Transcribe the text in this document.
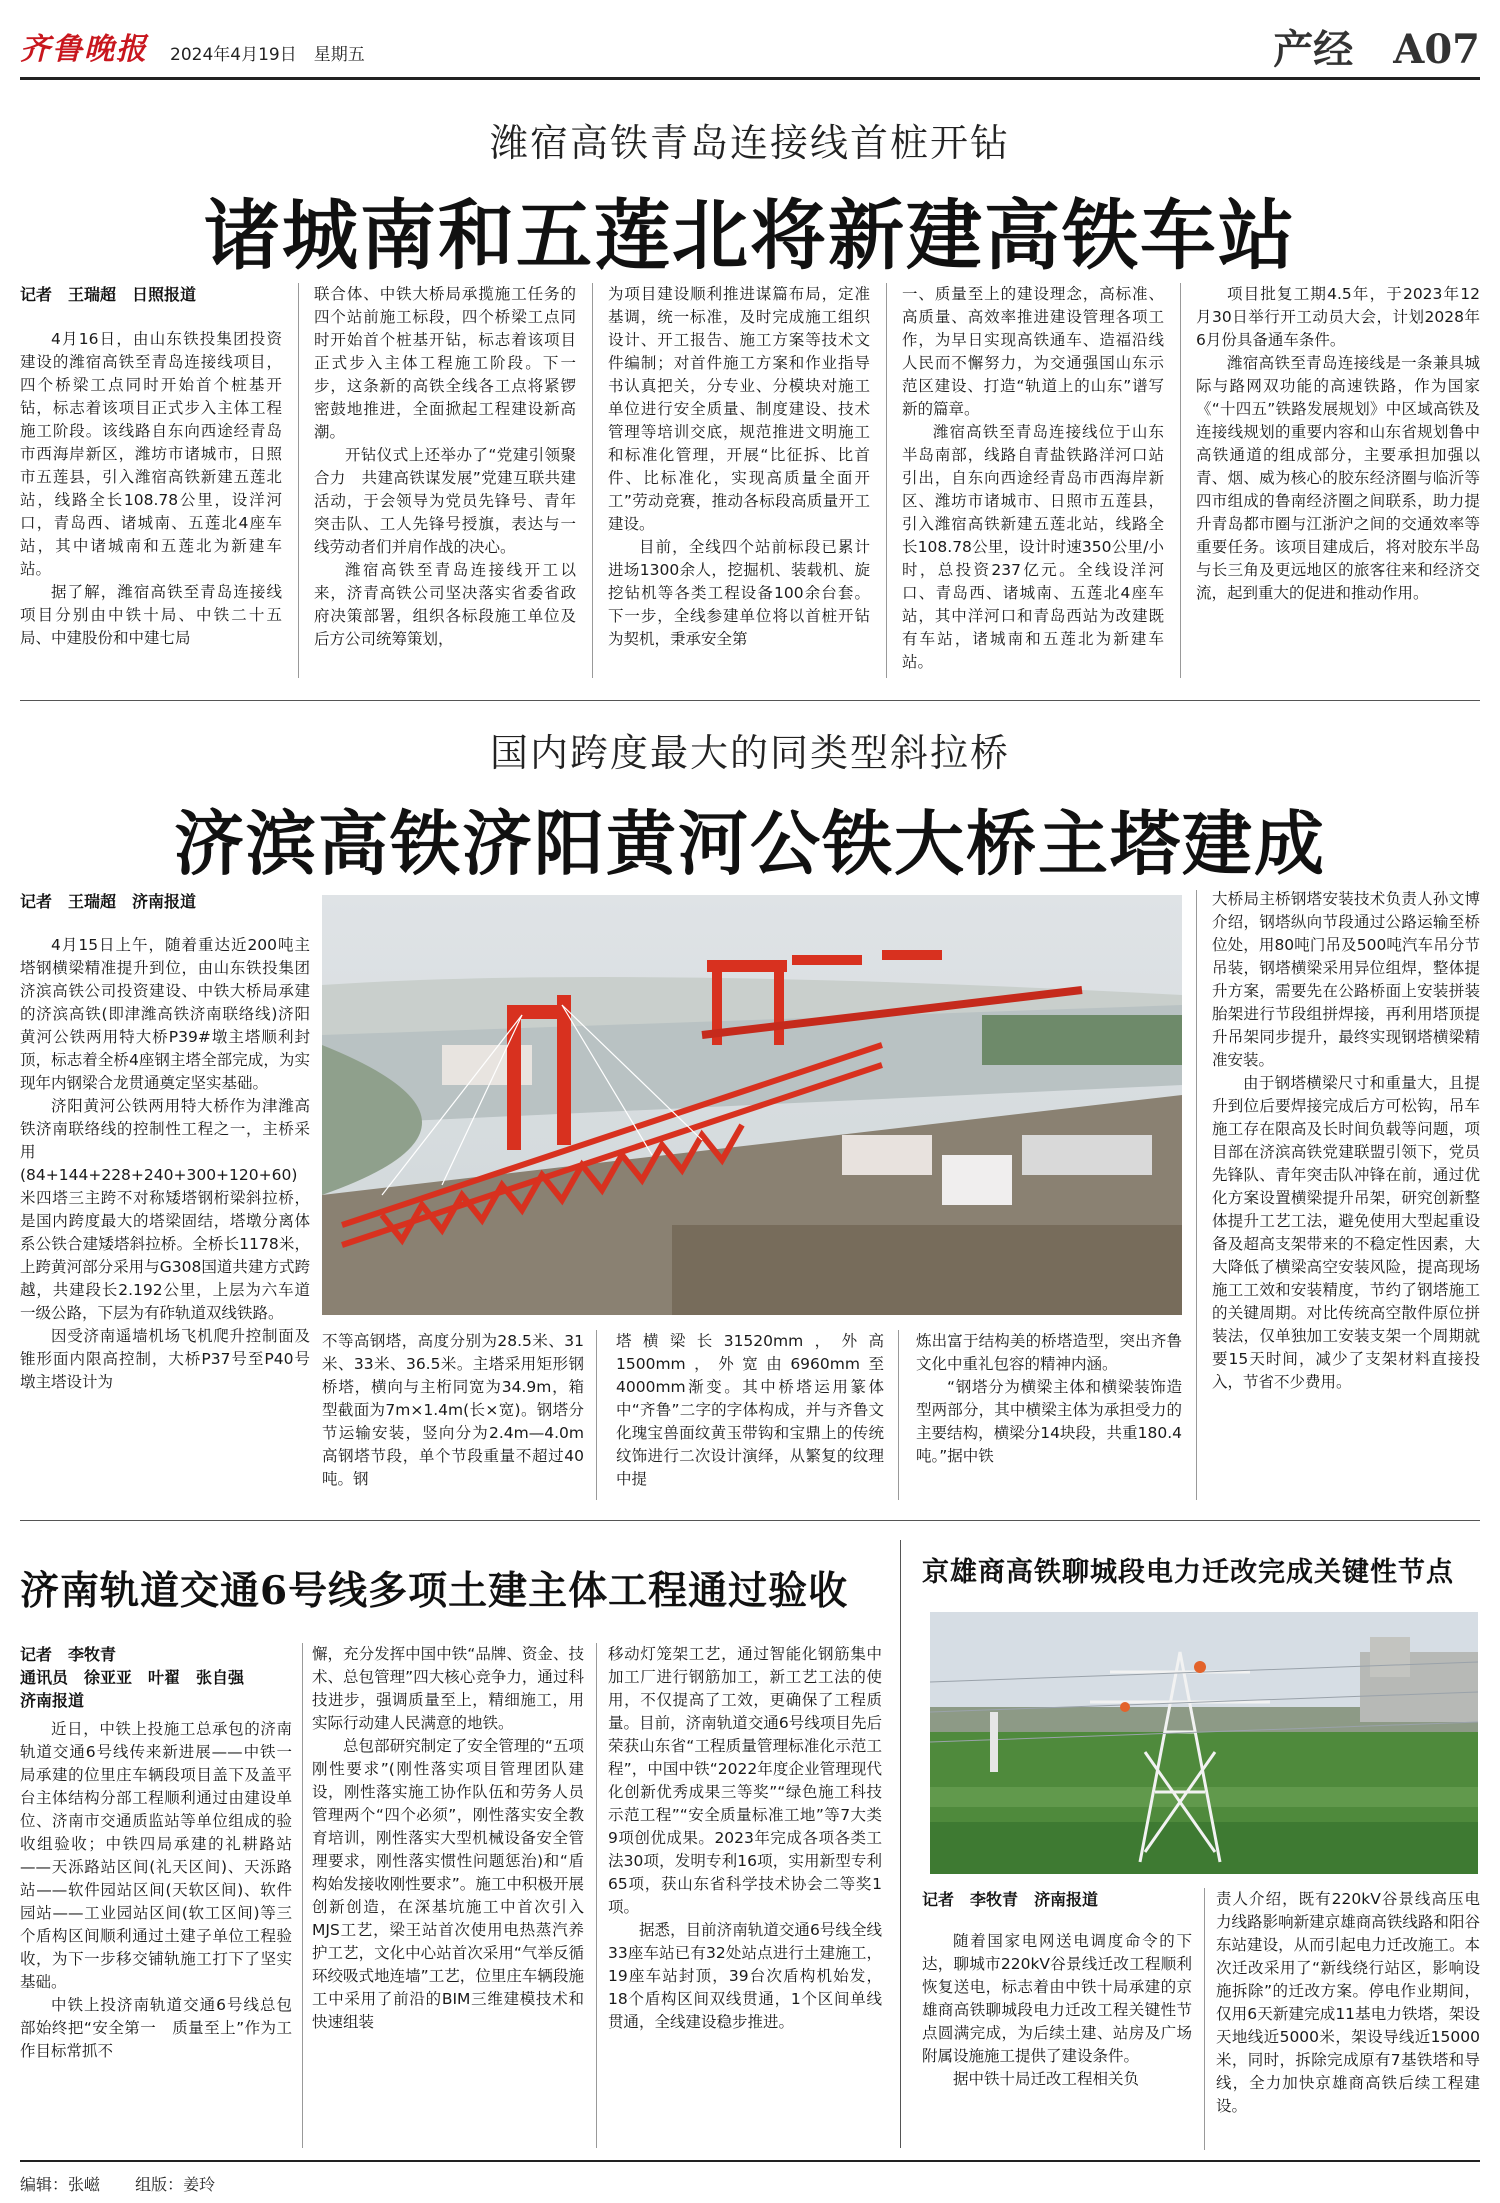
齐鲁晚报 2024年4月19日　星期五	产经　A07
潍宿高铁青岛连接线首桩开钻
诸城南和五莲北将新建高铁车站
记者　王瑞超　日照报道

4月16日，由山东铁投集团投资建设的潍宿高铁至青岛连接线项目，四个桥梁工点同时开始首个桩基开钻，标志着该项目正式步入主体工程施工阶段。该线路自东向西途经青岛市西海岸新区，潍坊市诸城市，日照市五莲县，引入潍宿高铁新建五莲北站，线路全长108.78公里，设洋河口，青岛西、诸城南、五莲北4座车站，其中诸城南和五莲北为新建车站。

据了解，潍宿高铁至青岛连接线项目分别由中铁十局、中铁二十五局、中建股份和中建七局

联合体、中铁大桥局承揽施工任务的四个站前施工标段，四个桥梁工点同时开始首个桩基开钻，标志着该项目正式步入主体工程施工阶段。下一步，这条新的高铁全线各工点将紧锣密鼓地推进，全面掀起工程建设新高潮。

开钻仪式上还举办了“党建引领聚合力　共建高铁谋发展”党建互联共建活动，于会领导为党员先锋号、青年突击队、工人先锋号授旗，表达与一线劳动者们并肩作战的决心。

潍宿高铁至青岛连接线开工以来，济青高铁公司坚决落实省委省政府决策部署，组织各标段施工单位及后方公司统筹策划，

为项目建设顺利推进谋篇布局，定准基调，统一标准，及时完成施工组织设计、开工报告、施工方案等技术文件编制；对首件施工方案和作业指导书认真把关，分专业、分模块对施工单位进行安全质量、制度建设、技术管理等培训交底，规范推进文明施工和标准化管理，开展“比征拆、比首件、比标准化，实现高质量全面开工”劳动竞赛，推动各标段高质量开工建设。

目前，全线四个站前标段已累计进场1300余人，挖掘机、装载机、旋挖钻机等各类工程设备100余台套。下一步，全线参建单位将以首桩开钻为契机，秉承安全第

一、质量至上的建设理念，高标准、高质量、高效率推进建设管理各项工作，为早日实现高铁通车、造福沿线人民而不懈努力，为交通强国山东示范区建设、打造“轨道上的山东”谱写新的篇章。

潍宿高铁至青岛连接线位于山东半岛南部，线路自青盐铁路洋河口站引出，自东向西途经青岛市西海岸新区、潍坊市诸城市、日照市五莲县，引入潍宿高铁新建五莲北站，线路全长108.78公里，设计时速350公里/小时，总投资237亿元。全线设洋河口、青岛西、诸城南、五莲北4座车站，其中洋河口和青岛西站为改建既有车站，诸城南和五莲北为新建车站。

项目批复工期4.5年，于2023年12月30日举行开工动员大会，计划2028年6月份具备通车条件。

潍宿高铁至青岛连接线是一条兼具城际与路网双功能的高速铁路，作为国家《“十四五”铁路发展规划》中区域高铁及连接线规划的重要内容和山东省规划鲁中高铁通道的组成部分，主要承担加强以青、烟、威为核心的胶东经济圈与临沂等四市组成的鲁南经济圈之间联系，助力提升青岛都市圈与江浙沪之间的交通效率等重要任务。该项目建成后，将对胶东半岛与长三角及更远地区的旅客往来和经济交流，起到重大的促进和推动作用。

国内跨度最大的同类型斜拉桥
济滨高铁济阳黄河公铁大桥主塔建成
记者　王瑞超　济南报道

4月15日上午，随着重达近200吨主塔钢横梁精准提升到位，由山东铁投集团济滨高铁公司投资建设、中铁大桥局承建的济滨高铁(即津潍高铁济南联络线)济阳黄河公铁两用特大桥P39#墩主塔顺利封顶，标志着全桥4座钢主塔全部完成，为实现年内钢梁合龙贯通奠定坚实基础。

济阳黄河公铁两用特大桥作为津潍高铁济南联络线的控制性工程之一，主桥采用(84+144+228+240+300+120+60)米四塔三主跨不对称矮塔钢桁梁斜拉桥，是国内跨度最大的塔梁固结，塔墩分离体系公铁合建矮塔斜拉桥。全桥长1178米，上跨黄河部分采用与G308国道共建方式跨越，共建段长2.192公里，上层为六车道一级公路，下层为有砟轨道双线铁路。

因受济南遥墙机场飞机爬升控制面及锥形面内限高控制，大桥P37号至P40号墩主塔设计为

不等高钢塔，高度分别为28.5米、31米、33米、36.5米。主塔采用矩形钢桥塔，横向与主桁同宽为34.9m，箱型截面为7m×1.4m(长×宽)。钢塔分节运输安装，竖向分为2.4m—4.0m高钢塔节段，单个节段重量不超过40吨。钢

塔横梁长31520mm，外高1500mm，外宽由6960mm至4000mm渐变。其中桥塔运用篆体中“齐鲁”二字的字体构成，并与齐鲁文化瑰宝兽面纹黄玉带钩和宝鼎上的传统纹饰进行二次设计演绎，从繁复的纹理中提

炼出富于结构美的桥塔造型，突出齐鲁文化中重礼包容的精神内涵。

“钢塔分为横梁主体和横梁装饰造型两部分，其中横梁主体为承担受力的主要结构，横梁分14块段，共重180.4吨。”据中铁

大桥局主桥钢塔安装技术负责人孙文博介绍，钢塔纵向节段通过公路运输至桥位处，用80吨门吊及500吨汽车吊分节吊装，钢塔横梁采用异位组焊，整体提升方案，需要先在公路桥面上安装拼装胎架进行节段组拼焊接，再利用塔顶提升吊架同步提升，最终实现钢塔横梁精准安装。

由于钢塔横梁尺寸和重量大，且提升到位后要焊接完成后方可松钩，吊车施工存在限高及长时间负载等问题，项目部在济滨高铁党建联盟引领下，党员先锋队、青年突击队冲锋在前，通过优化方案设置横梁提升吊架，研究创新整体提升工艺工法，避免使用大型起重设备及超高支架带来的不稳定性因素，大大降低了横梁高空安装风险，提高现场施工工效和安装精度，节约了钢塔施工的关键周期。对比传统高空散件原位拼装法，仅单独加工安装支架一个周期就要15天时间，减少了支架材料直接投入，节省不少费用。

济南轨道交通6号线多项土建主体工程通过验收
记者　李牧青
通讯员　徐亚亚　叶翟　张自强
济南报道

近日，中铁上投施工总承包的济南轨道交通6号线传来新进展——中铁一局承建的位里庄车辆段项目盖下及盖平台主体结构分部工程顺利通过由建设单位、济南市交通质监站等单位组成的验收组验收；中铁四局承建的礼耕路站——天泺路站区间(礼天区间)、天泺路站——软件园站区间(天软区间)、软件园站——工业园站区间(软工区间)等三个盾构区间顺利通过土建子单位工程验收，为下一步移交铺轨施工打下了坚实基础。

中铁上投济南轨道交通6号线总包部始终把“安全第一　质量至上”作为工作目标常抓不

懈，充分发挥中国中铁“品牌、资金、技术、总包管理”四大核心竞争力，通过科技进步，强调质量至上，精细施工，用实际行动建人民满意的地铁。

总包部研究制定了安全管理的“五项刚性要求”(刚性落实项目管理团队建设，刚性落实施工协作队伍和劳务人员管理两个“四个必须”，刚性落实安全教育培训，刚性落实大型机械设备安全管理要求，刚性落实惯性问题惩治)和“盾构始发接收刚性要求”。施工中积极开展创新创造，在深基坑施工中首次引入MJS工艺，梁王站首次使用电热蒸汽养护工艺，文化中心站首次采用“气举反循环绞吸式地连墙”工艺，位里庄车辆段施工中采用了前沿的BIM三维建模技术和快速组装

移动灯笼架工艺，通过智能化钢筋集中加工厂进行钢筋加工，新工艺工法的使用，不仅提高了工效，更确保了工程质量。目前，济南轨道交通6号线项目先后荣获山东省“工程质量管理标准化示范工程”，中国中铁“2022年度企业管理现代化创新优秀成果三等奖”“绿色施工科技示范工程”“安全质量标准工地”等7大类9项创优成果。2023年完成各项各类工法30项，发明专利16项，实用新型专利65项，获山东省科学技术协会二等奖1项。

据悉，目前济南轨道交通6号线全线33座车站已有32处站点进行土建施工，19座车站封顶，39台次盾构机始发，18个盾构区间双线贯通，1个区间单线贯通，全线建设稳步推进。

京雄商高铁聊城段电力迁改完成关键性节点
记者　李牧青　济南报道

随着国家电网送电调度命令的下达，聊城市220kV谷景线迁改工程顺利恢复送电，标志着由中铁十局承建的京雄商高铁聊城段电力迁改工程关键性节点圆满完成，为后续土建、站房及广场附属设施施工提供了建设条件。

据中铁十局迁改工程相关负

责人介绍，既有220kV谷景线高压电力线路影响新建京雄商高铁线路和阳谷东站建设，从而引起电力迁改施工。本次迁改采用了“新线绕行站区，影响设施拆除”的迁改方案。停电作业期间，仅用6天新建完成11基电力铁塔，架设天地线近5000米，架设导线近15000米，同时，拆除完成原有7基铁塔和导线，全力加快京雄商高铁后续工程建设。

编辑：张嵫 组版：姜玲
